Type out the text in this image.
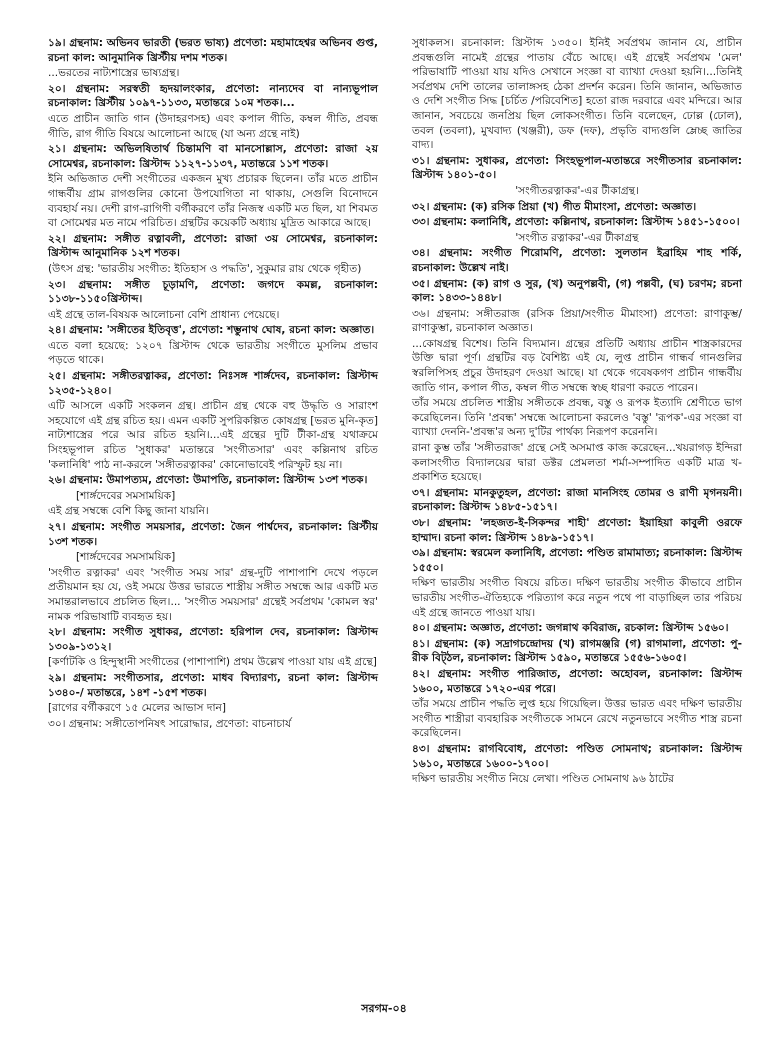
১৯। গ্রন্থনাম: অভিনব ভারতী (ভরত ভাষ্য) প্রণেতা: মহামাহেশ্বর অভিনব গুপ্ত, রচনা কাল: আনুমানিক খ্রিস্টীয় দশম শতক।

...ভরতের নাট্যশাস্ত্রের ভাষ্যগ্রন্থ।

২০। গ্রন্থনাম: সরস্বতী হৃদয়ালংকার, প্রণেতা: নান্যদেব বা নান্যভূপাল রচনাকাল: খ্রিস্টীয় ১০৯৭-১১৩৩, মতান্তরে ১০ম শতক।...

এতে প্রাচীন জাতি গান (উদাহরণসহ) এবং কপাল গীতি, কম্বল গীতি, প্রবন্ধ গীতি, রাগ গীতি বিষয়ে আলোচনা আছে (যা অন্য গ্রন্থে নাই)

২১। গ্রন্থনাম: অভিলষিতার্থ চিন্তামণি বা মানসোল্লাস, প্রণেতা: রাজা ২য় সোমেশ্বর, রচনাকাল: খ্রিস্টাব্দ ১১২৭-১১৩৭, মতান্তরে ১১শ শতক।

ইনি অভিজাত দেশী সংগীতের একজন মুখ্য প্রচারক ছিলেন। তাঁর মতে প্রাচীন গান্ধর্বীয় গ্রাম রাগগুলির কোনো উপযোগিতা না থাকায়, সেগুলি বিনোদনে ব্যবহার্য নয়। দেশী রাগ-রাগিণী বর্গীকরণে তাঁর নিজস্ব একটি মত ছিল, যা শিবমত বা সোমেশ্বর মত নামে পরিচিত। গ্রন্থটির কয়েকটি অধ্যায় মুদ্রিত আকারে আছে।

২২। গ্রন্থনাম: সঙ্গীত রত্নাবলী, প্রণেতা: রাজা ৩য় সোমেশ্বর, রচনাকাল: খ্রিস্টাব্দ আনুমানিক ১২শ শতক।

(উৎস গ্রন্থ: 'ভারতীয় সংগীত: ইতিহাস ও পদ্ধতি', সুকুমার রায় থেকে গৃহীত)

২৩। গ্রন্থনাম: সঙ্গীত চূড়ামণি, প্রণেতা: জগদে কমল্ল, রচনাকাল: ১১৩৮-১১৫০খ্রিস্টাব্দ।

এই গ্রন্থে তাল-বিষয়ক আলোচনা বেশি প্রাধান্য পেয়েছে।

২৪। গ্রন্থনাম: 'সঙ্গীতের ইতিবৃত্ত', প্রণেতা: শম্ভুনাথ ঘোষ, রচনা কাল: অজ্ঞাত।

এতে বলা হয়েছে: ১২০৭ খ্রিস্টাব্দ থেকে ভারতীয় সংগীতে মুসলিম প্রভাব পড়তে থাকে।

২৫। গ্রন্থনাম: সঙ্গীতরত্নাকর, প্রণেতা: নিঃসঙ্গ শার্ঙ্গদেব, রচনাকাল: খ্রিস্টাব্দ ১২৩৫-১২৪০।

এটি আসলে একটি সংকলন গ্রন্থ। প্রাচীন গ্রন্থ থেকে বহু উদ্ধৃতি ও সারাংশ সহযোগে এই গ্রন্থ রচিত হয়। এমন একটি সুপরিকল্পিত কোষগ্রন্থ [ভরত মুনি-কৃত] নাট্যশাস্ত্রের পরে আর রচিত হয়নি।...এই গ্রন্থের দুটি টীকা-গ্রন্থ যথাক্রমে সিংহভূপাল রচিত 'সুধাকর' মতান্তরে 'সংগীতসার' এবং কল্লিনাথ রচিত 'কলানিধি' পাঠ না-করলে 'সঙ্গীতরত্নাকর' কোনোভাবেই পরিস্ফুট হয় না।

২৬। গ্রন্থনাম: উমাপত্যম, প্রণেতা: উমাপতি, রচনাকাল: খ্রিস্টাব্দ ১৩শ শতক।

[শার্ঙ্গদেবের সমসাময়িক]

এই গ্রন্থ সম্বন্ধে বেশি কিছু জানা যায়নি।

২৭। গ্রন্থনাম: সংগীত সময়সার, প্রণেতা: জৈন পার্শ্বদেব, রচনাকাল: খ্রিস্টীয় ১৩শ শতক।

[শার্ঙ্গদেবের সমসাময়িক]

'সংগীত রত্নাকর' এবং 'সংগীত সময় সার' গ্রন্থ-দুটি পাশাপাশি দেখে পড়লে প্রতীয়মান হয় যে, ওই সময়ে উত্তর ভারতে শাস্ত্রীয় সঙ্গীত সম্বন্ধে আর একটি মত সমান্তরালভাবে প্রচলিত ছিল।... 'সংগীত সময়সার' গ্রন্থেই সর্বপ্রথম 'কোমল স্বর' নামক পরিভাষাটি ব্যবহৃত হয়।

২৮। গ্রন্থনাম: সংগীত সুধাকর, প্রণেতা: হরিপাল দেব, রচনাকাল: খ্রিস্টাব্দ ১৩০৯-১৩১২।

[কর্ণাটকি ও হিন্দুস্থানী সংগীতের (পাশাপাশি) প্রথম উল্লেখ পাওয়া যায় এই গ্রন্থে]

২৯। গ্রন্থনাম: সংগীতসার, প্রণেতা: মাধব বিদ্যারণ্য, রচনা কাল: খ্রিস্টাব্দ ১৩৪০-/ মতান্তরে, ১৪শ -১৫শ শতক।

[রাগের বর্গীকরণে ১৫ মেলের আভাস দান]

৩০। গ্রন্থনাম: সঙ্গীতোপনিষৎ সারোদ্ধার, প্রণেতা: বাচনাচার্য

সুধাকলস। রচনাকাল: খ্রিস্টাব্দ ১৩৫০। ইনিই সর্বপ্রথম জানান যে, প্রাচীন প্রবন্ধগুলি নামেই গ্রন্থের পাতায় বেঁচে আছে। এই গ্রন্থেই সর্বপ্রথম 'মেল' পরিভাষাটি পাওয়া যায় যদিও সেখানে সংজ্ঞা বা ব্যাখ্যা দেওয়া হয়নি।...তিনিই সর্বপ্রথম দেশি তালের তালাঙ্গসহ ঠেকা প্রদর্শন করেন। তিনি জানান, অভিজাত ও দেশি সংগীত সিদ্ধ [চর্চিত /পরিবেশিত] হতো রাজ দরবারে এবং মন্দিরে। আর জানান, সবচেয়ে জনপ্রিয় ছিল লোকসংগীত। তিনি বলেছেন, ঢোল্ল (ঢোল), তবল (তবলা), মুখবাদ্য (খঞ্জরী), ডফ (দফ), প্রভৃতি বাদ্যগুলি ম্লেচ্ছ জাতির বাদ্য।

৩১। গ্রন্থনাম: সুধাকর, প্রণেতা: সিংহভূপাল-মতান্তরে সংগীতসার রচনাকাল: খ্রিস্টাব্দ ১৪০১-৫০।

'সংগীতরত্নাকর'-এর টীকাগ্রন্থ।

৩২। গ্রন্থনাম: (ক) রসিক প্রিয়া (খ) গীত মীমাংসা, প্রণেতা: অজ্ঞাত।

৩৩। গ্রন্থনাম: কলানিধি, প্রণেতা: কল্লিনাথ, রচনাকাল: খ্রিস্টাব্দ ১৪৫১-১৫০০।

'সংগীত রত্নাকর'-এর টীকাগ্রন্থ

৩৪। গ্রন্থনাম: সংগীত শিরোমণি, প্রণেতা: সুলতান ইব্রাহিম শাহ শর্কি, রচনাকাল: উল্লেখ নাই।

৩৫। গ্রন্থনাম: (ক) রাগ ও সুর, (খ) অনুপল্লবী, (গ) পল্লবী, (ঘ) চরণম; রচনা কাল: ১৪৩৩-১৪৪৮।

৩৬। গ্রন্থনাম: সঙ্গীতরাজ (রসিক প্রিয়া/সংগীত মীমাংসা) প্রণেতা: রাণাকুম্ভ/ রাণাকুম্ভা, রচনাকাল অজ্ঞাত।

...কোষগ্রন্থ বিশেষ। তিনি বিদ্যমান। গ্রন্থের প্রতিটি অধ্যায় প্রাচীন শাস্ত্রকারদের উক্তি দ্বারা পূর্ণ। গ্রন্থটির বড় বৈশিষ্ট্য এই যে, লুপ্ত প্রাচীন গান্ধর্ব গানগুলির স্বরলিপিসহ প্রচুর উদাহরণ দেওয়া আছে। যা থেকে গবেষকগণ প্রাচীন গান্ধর্বীয় জাতি গান, কপাল গীত, কম্বল গীত সম্বন্ধে স্বচ্ছ ধারণা করতে পারেন।

তাঁর সময়ে প্রচলিত শাস্ত্রীয় সঙ্গীতকে প্রবন্ধ, বস্তু ও রূপক ইত্যাদি শ্রেণীতে ভাগ করেছিলেন। তিনি 'প্রবন্ধ' সম্বন্ধে আলোচনা করলেও 'বস্তু' 'রূপক'-এর সংজ্ঞা বা ব্যাখ্যা দেননি-'প্রবন্ধ'র অন্য দু'টির পার্থক্য নিরূপণ করেননি।

রানা কুম্ভ তাঁর 'সঙ্গীতরাজ' গ্রন্থে সেই অসমাপ্ত কাজ করেছেন...খয়রাগড় ইন্দিরা কলাসংগীত বিদ্যালয়ের দ্বারা ডক্টর প্রেমলতা শর্মা-সম্পাদিত একটি মাত্র খ- প্রকাশিত হয়েছে।

৩৭। গ্রন্থনাম: মানকুতুহল, প্রণেতা: রাজা মানসিংহ তোমর ও রাণী মৃগনয়নী। রচনাকাল: খ্রিস্টাব্দ ১৪৮৫-১৫১৭।

৩৮। গ্রন্থনাম: 'লহজত-ই-সিকন্দর শাহী' প্রণেতা: ইয়াহিয়া কাবুলী ওরফে হাম্মাদ। রচনা কাল: খ্রিস্টাব্দ ১৪৮৯-১৫১৭।

৩৯। গ্রন্থনাম: স্বরমেল কলানিধি, প্রণেতা: পণ্ডিত রামামাত্য; রচনাকাল: খ্রিস্টাব্দ ১৫৫০।

দক্ষিণ ভারতীয় সংগীত বিষয়ে রচিত। দক্ষিণ ভারতীয় সংগীত কীভাবে প্রাচীন ভারতীয় সংগীত-ঐতিহ্যকে পরিত্যাগ করে নতুন পথে পা বাড়াচ্ছিল তার পরিচয় এই গ্রন্থে জানতে পাওয়া যায়।

৪০। গ্রন্থনাম: অজ্ঞাত, প্রণেতা: জগন্নাথ কবিরাজ, রচকাল: খ্রিস্টাব্দ ১৫৬০।

৪১। গ্রন্থনাম: (ক) সদ্রাগচন্দ্রোদয় (খ) রাগমঞ্জরি (গ) রাগমালা, প্রণেতা: পু-রীক বিট্ঠল, রচনাকাল: খ্রিস্টাব্দ ১৫৯০, মতান্তরে ১৫৫৬-১৬০৫।

৪২। গ্রন্থনাম: সংগীত পারিজাত, প্রণেতা: অহোবল, রচনাকাল: খ্রিস্টাব্দ ১৬০০, মতান্তরে ১৭২০-এর পরে।

তাঁর সময়ে প্রাচীন পদ্ধতি লুপ্ত হয়ে গিয়েছিল। উত্তর ভারত এবং দক্ষিণ ভারতীয় সংগীত শাস্ত্রীরা ব্যবহারিক সংগীতকে সামনে রেখে নতুনভাবে সংগীত শাস্ত্র রচনা করেছিলেন।

৪৩। গ্রন্থনাম: রাগবিবোধ, প্রণেতা: পণ্ডিত সোমনাথ; রচনাকাল: খ্রিস্টাব্দ ১৬১০, মতান্তরে ১৬০০-১৭০০।

দক্ষিণ ভারতীয় সংগীত নিয়ে লেখা। পণ্ডিত সোমনাথ ৯৬ ঠাটের

সরগম-০৪
